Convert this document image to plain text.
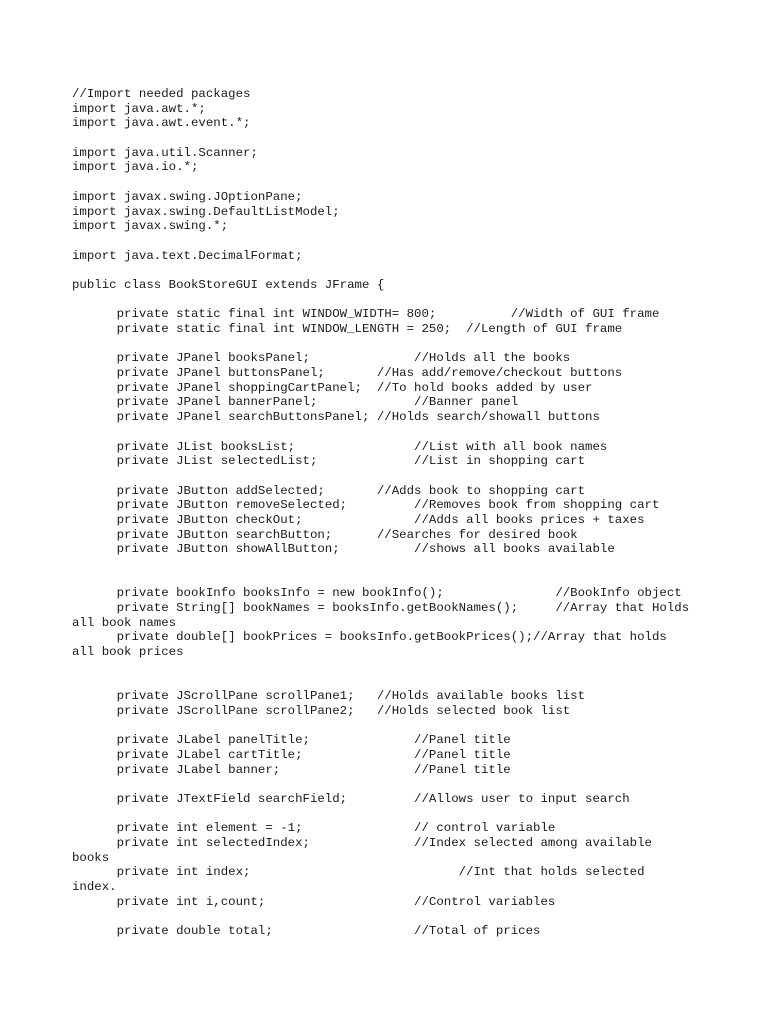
//Import needed packages
import java.awt.*;
import java.awt.event.*;
import java.util.Scanner;
import java.io.*;
import javax.swing.JOptionPane;
import javax.swing.DefaultListModel;
import javax.swing.*;
import java.text.DecimalFormat;
public class BookStoreGUI extends JFrame {
private static final int WINDOW_WIDTH= 800;          //Width of GUI frame
private static final int WINDOW_LENGTH = 250;  //Length of GUI frame
private JPanel booksPanel;              //Holds all the books
private JPanel buttonsPanel;       //Has add/remove/checkout buttons
private JPanel shoppingCartPanel;  //To hold books added by user
private JPanel bannerPanel;             //Banner panel
private JPanel searchButtonsPanel; //Holds search/showall buttons
private JList booksList;                //List with all book names
private JList selectedList;             //List in shopping cart
private JButton addSelected;       //Adds book to shopping cart
private JButton removeSelected;         //Removes book from shopping cart
private JButton checkOut;               //Adds all books prices + taxes
private JButton searchButton;      //Searches for desired book
private JButton showAllButton;          //shows all books available
private bookInfo booksInfo = new bookInfo();               //BookInfo object
private String[] bookNames = booksInfo.getBookNames();     //Array that Holds
all book names
private double[] bookPrices = booksInfo.getBookPrices();//Array that holds
all book prices
private JScrollPane scrollPane1;   //Holds available books list
private JScrollPane scrollPane2;   //Holds selected book list
private JLabel panelTitle;              //Panel title
private JLabel cartTitle;               //Panel title
private JLabel banner;                  //Panel title
private JTextField searchField;         //Allows user to input search
private int element = -1;               // control variable
private int selectedIndex;              //Index selected among available
books
private int index;                            //Int that holds selected
index.
private int i,count;                    //Control variables
private double total;                   //Total of prices
